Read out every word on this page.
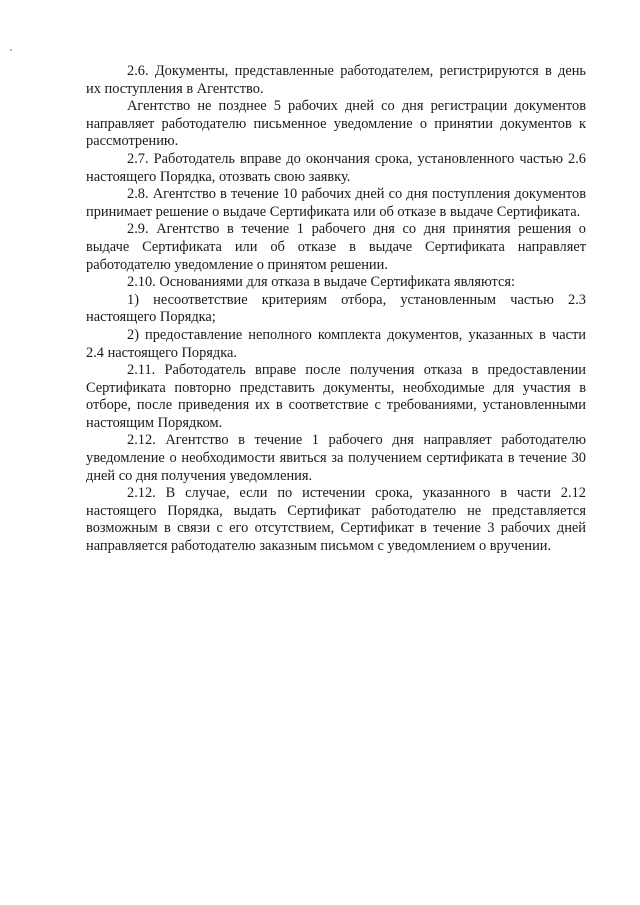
2.6. Документы, представленные работодателем, регистрируются в день их поступления в Агентство.

Агентство не позднее 5 рабочих дней со дня регистрации документов направляет работодателю письменное уведомление о принятии документов к рассмотрению.

2.7. Работодатель вправе до окончания срока, установленного частью 2.6 настоящего Порядка, отозвать свою заявку.

2.8. Агентство в течение 10 рабочих дней со дня поступления документов принимает решение о выдаче Сертификата или об отказе в выдаче Сертификата.

2.9. Агентство в течение 1 рабочего дня со дня принятия решения о выдаче Сертификата или об отказе в выдаче Сертификата направляет работодателю уведомление о принятом решении.

2.10. Основаниями для отказа в выдаче Сертификата являются:

1) несоответствие критериям отбора, установленным частью 2.3 настоящего Порядка;

2) предоставление неполного комплекта документов, указанных в части 2.4 настоящего Порядка.

2.11. Работодатель вправе после получения отказа в предоставлении Сертификата повторно представить документы, необходимые для участия в отборе, после приведения их в соответствие с требованиями, установленными настоящим Порядком.

2.12. Агентство в течение 1 рабочего дня направляет работодателю уведомление о необходимости явиться за получением сертификата в течение 30 дней со дня получения уведомления.

2.12. В случае, если по истечении срока, указанного в части 2.12 настоящего Порядка, выдать Сертификат работодателю не представляется возможным в связи с его отсутствием, Сертификат в течение 3 рабочих дней направляется работодателю заказным письмом с уведомлением о вручении.
